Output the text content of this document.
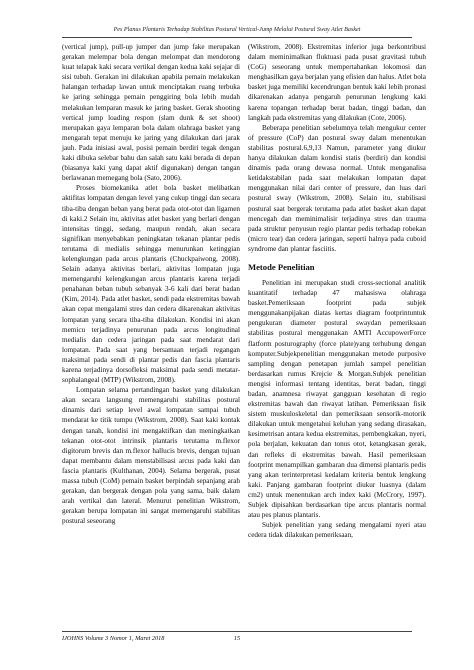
Pes Planus Plantaris Terhadap Stabilitas Postural Vertical-Jump Melalui Postural Sway Atlet Basket

(vertical jump), pull-up jumper dan jump fake merupakan gerakan melempar bola dengan melompat dan mendorong kuat telapak kaki secara vertikal dengan kedua kaki sejajar di sisi tubuh. Gerakan ini dilakukan apabila pemain melakukan halangan terhadap lawan untuk menciptakan ruang terbuka ke jaring sehingga pemain penggiring bola lebih mudah melakukan lemparan masuk ke jaring basket. Gerak shooting vertical jump loading respon (slam dunk & set shoot) merupakan gaya lemparan bola dalam olahraga basket yang mengarah tepat menuju ke jaring yang dilakukan dari jarak jauh. Pada inisiasi awal, posisi pemain berdiri tegak dengan kaki dibuka selebar bahu dan salah satu kaki berada di depan (biasanya kaki yang dapat aktif digunakan) dengan tangan berlawanan memegang bola (Sato, 2006).

Proses biomekanika atlet bola basket melibatkan aktifitas lompatan dengan level yang cukup tinggi dan secara tiba-tiba dengan beban yang berat pada otot-otot dan ligamen di kaki.2 Selain itu, aktivitas atlet basket yang berlari dengan intensitas tinggi, sedang, maupun rendah, akan secara signifikan menyebabkan peningkatan tekanan plantar pedis terutama di medialis sehingga menurunkan ketinggian kelengkungan pada arcus plantaris (Chuckpaiwong, 2008). Selain adanya aktivitas berlari, aktivitas lompatan juga memengaruhi kelengkungan arcus plantaris karena terjadi penahanan beban tubuh sebanyak 3-6 kali dari berat badan (Kim, 2014). Pada atlet basket, sendi pada ekstremitas bawah akan cepat mengalami stres dan cedera dikarenakan aktivitas lompatan yang secara tiba-tiba dilakukan. Kondisi ini akan memicu terjadinya penurunan pada arcus longitudinal medialis dan cedera jaringan pada saat mendarat dari lompatan. Pada saat yang bersamaan terjadi regangan maksimal pada sendi di plantar pedis dan fascia plantaris karena terjadinya dorsofleksi maksimal pada sendi metatar-sophalangeal (MTP) (Wikstrom, 2008).

Lompatan selama pertandingan basket yang dilakukan akan secara langsung memengaruhi stabilitas postural dinamis dari setiap level awal lompatan sampai tubuh mendarat ke titik tumpu (Wikstrom, 2008). Saat kaki kontak dengan tanah, kondisi ini mengaktifkan dan meningkatkan tekanan otot-otot intrinsik plantaris terutama m.flexor digitorum brevis dan m.flexor hallucis brevis, dengan tujuan dapat membantu dalam menstabilisasi arcus pada kaki dan fascia plantaris (Kulthanan, 2004). Selama bergerak, pusat massa tubuh (CoM) pemain basket berpindah sepanjang arah gerakan, dan bergerak dengan pola yang sama, baik dalam arah vertikal dan lateral. Menurut penelitian Wikstrom, gerakan berupa lompatan ini sangat memengaruhi stabilitas postural seseorang

(Wikstrom, 2008). Ekstremitas inferior juga berkontribusi dalam meminimalkan fluktuasi pada pusat gravitasi tubuh (CoG) seseorang untuk mempertahankan lokomosi dan menghasilkan gaya berjalan yang efisien dan halus. Atlet bola basket juga memiliki kecendrungan bentuk kaki lebih pronasi dikarenakan adanya pengaruh penurunan lengkung kaki karena topangan terhadap berat badan, tinggi badan, dan langkah pada ekstremitas yang dilakukan (Cote, 2006).

Beberapa penelitian sebelumnya telah mengukur center of pressure (CoP) dan postural sway dalam menentukan stabilitas postural.6,9,13 Namun, parameter yang diukur hanya dilakukan dalam kondisi statis (berdiri) dan kondisi dinamis pada orang dewasa normal. Untuk menganalisa ketidakstabilan pada saat melakukan lompatan dapat menggunakan nilai dari center of pressure, dan luas dari postural sway (Wikstrom, 2008). Selain itu, stabilisasi postural saat bergerak terutama pada atlet basket akan dapat mencegah dan meminimalisir terjadinya stres dan trauma pada struktur penyusun regio plantar pedis terhadap robekan (micro tear) dan cedera jaringan, seperti halnya pada cuboid syndrome dan plantar fasciitis.

Metode Penelitian

Penelitian ini merupakan studi cross-sectional analitik kuantitatif terhadap 47 mahasiswa olahraga basket.Pemeriksaan footprint pada subjek menggunakanpijakan diatas kertas diagram footprintuntuk pengukuran diameter postural swaydan pemeriksaan stabilitas postural menggunakan AMTI AccupowerForce flatform posturography (force plate)yang terhubung dengan komputer.Subjekpenelitian menggunakan metode purposive sampling dengan penetapan jumlah sampel penelitian berdasarkan rumus Krejcie & Morgan.Subjek penelitian mengisi informasi tentang identitas, berat badan, tinggi badan, anamnesa riwayat gangguan kesehatan di regio ekstremitas bawah dan riwayat latihan. Pemeriksaan fisik sistem muskuloskeletal dan pemeriksaan sensorik-motorik dilakukan untuk mengetahui keluhan yang sedang dirasakan, kesimetrisan antara kedua ekstremitas, pembengkakan, nyeri, pola berjalan, kekuatan dan tonus otot, ketangkasan gerak, dan refleks di ekstremitas bawah. Hasil pemeriksaan footprint menampilkan gambaran dua dimensi plantaris pedis yang akan terinterpretasi kedalam kriteria bentuk lengkung kaki. Panjang gambaran footprint diukur luasnya (dalam cm2) untuk menentukan arch index kaki (McCrory, 1997). Subjek dipisahkan berdasarkan tipe arcus plantaris normal atau pes planus plantaris.

Subjek penelitian yang sedang mengalami nyeri atau cedera tidak dilakukan pemeriksaan,

IJOHNS Volume 3 Nomor 1, Maret 2018	15
